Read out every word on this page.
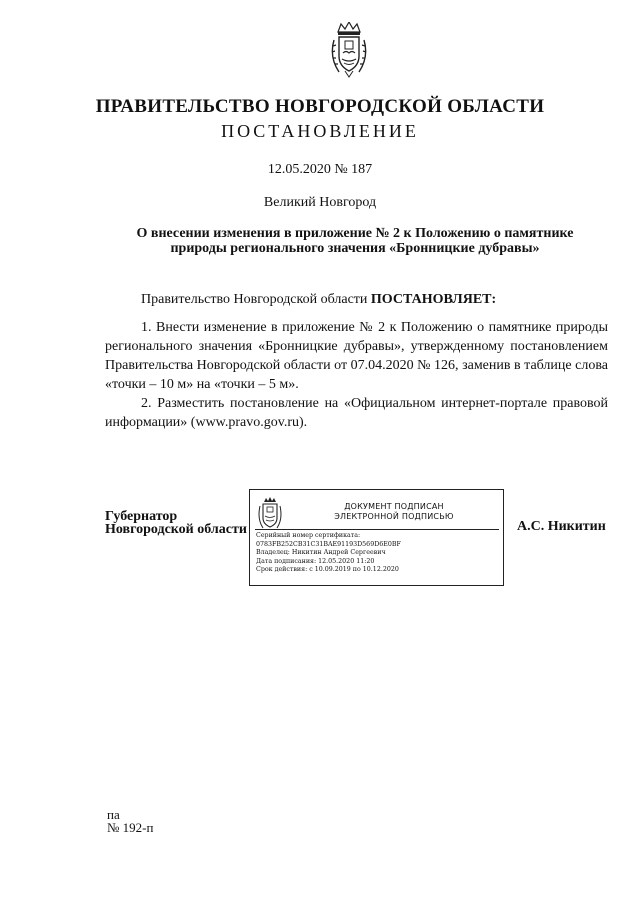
ПРАВИТЕЛЬСТВО НОВГОРОДСКОЙ ОБЛАСТИ
ПОСТАНОВЛЕНИЕ
12.05.2020 № 187
Великий Новгород
О внесении изменения в приложение № 2 к Положению о памятнике
природы регионального значения «Бронницкие дубравы»
Правительство Новгородской области ПОСТАНОВЛЯЕТ:
1. Внести изменение в приложение № 2 к Положению о памятнике природы регионального значения «Бронницкие дубравы», утвержденному постановлением Правительства Новгородской области от 07.04.2020 № 126, заменив в таблице слова «точки – 10 м» на «точки – 5 м».
2. Разместить постановление на «Официальном интернет-портале правовой информации» (www.pravo.gov.ru).
Губернатор
Новгородской области
ДОКУМЕНТ ПОДПИСАН
ЭЛЕКТРОННОЙ ПОДПИСЬЮ
Серийный номер сертификата:
0783FB252CB31C31BAE91193D569D6E0BF
Владелец: Никитин Андрей Сергеевич
Дата подписания: 12.05.2020 11:20
Срок действия: с 10.09.2019 по 10.12.2020
А.С. Никитин
па
№ 192-п
